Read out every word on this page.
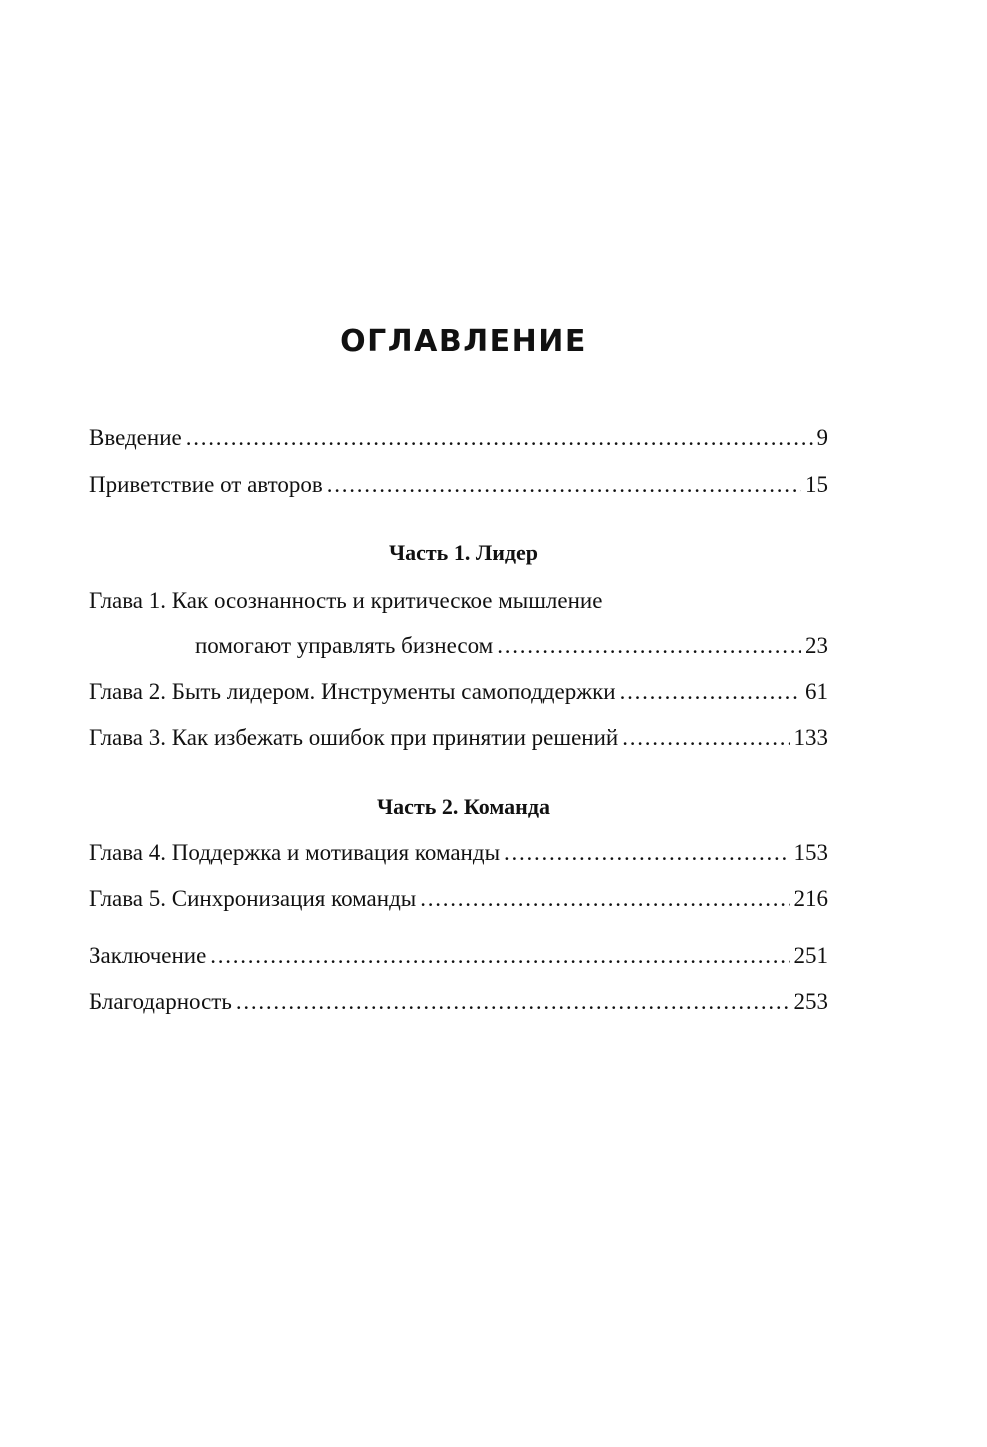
ОГЛАВЛЕНИЕ
Введение . . .	9
Приветствие от авторов . . .	15
Часть 1. Лидер
Глава 1. Как осознанность и критическое мышление
помогают управлять бизнесом . . .	23
Глава 2. Быть лидером. Инструменты самоподдержки . . .	61
Глава 3. Как избежать ошибок при принятии решений . . .	133
Часть 2. Команда
Глава 4. Поддержка и мотивация команды . . .	153
Глава 5. Синхронизация команды . . .	216
Заключение . . .	251
Благодарность . . .	253
